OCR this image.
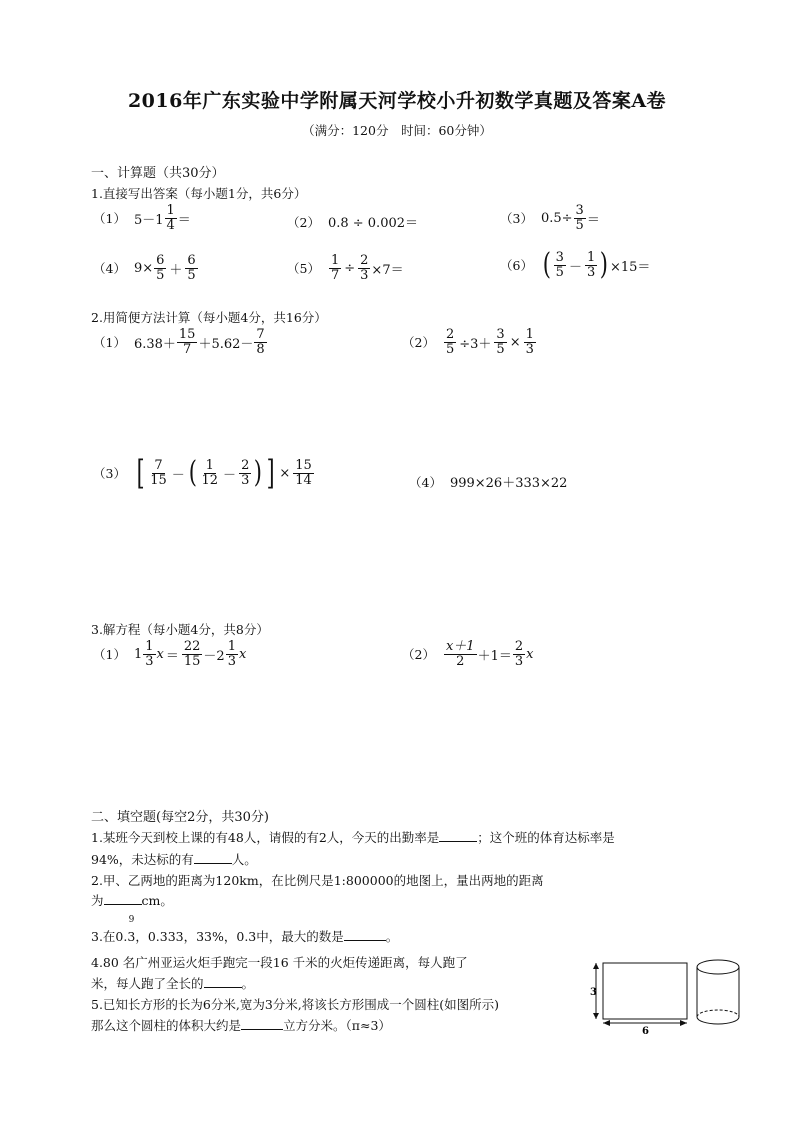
2016年广东实验中学附属天河学校小升初数学真题及答案A卷
（满分：120分　时间：60分钟）
一、计算题（共30分）
1.直接写出答案（每小题1分，共6分）
（1） $5-1 \frac{1}{4}$ ＝	（2） 0.8 ÷ 0.002＝	（3） $0.5\div \frac{3}{5}$ ＝
（4） $9\times \frac{6}{5} + \frac{6}{5}$	$(5) \frac{1}{7} \div \frac{2}{3} \times 7=$	（6） ( $\frac{3}{5} - \frac{1}{3}$ ) ×15＝
2.用简便方法计算（每小题4分，共16分）
（1） $6.38+ \frac{15}{7} +5.62- \frac{7}{8}$	$(2) \frac{2}{5} \div 3+ \frac{3}{5} \times \frac{1}{3}$
（3） [ $\frac{7}{15}$ － ( $\frac{1}{12} - \frac{2}{3}$ ) ] × $\frac{15}{14}$	（4） 999×26＋333×22
3.解方程（每小题4分，共8分）
（1） $1 \frac{1}{3}$ $x = \frac{22}{15} -2 \frac{1}{3}$ x	$(2) \frac{x+1}{2} +1= \frac{2}{3}$ x
二、填空题(每空2分，共30分)
1.某班今天到校上课的有48人，请假的有2人，今天的出勤率是	；这个班的体育达标率是
94%，未达标的有	人。
2.甲、乙两地的距离为120km，在比例尺是1:800000的地图上，量出两地的距离
为	cm。
3.在0.3
9
，0.333，33%，0.3中，最大的数是	。
4.80 名广州亚运火炬手跑完一段16 千米的火炬传递距离，每人跑了
米，每人跑了全长的	。
5.已知长方形的长为6分米,宽为3分米,将该长方形围成一个圆柱(如图所示)
那么这个圆柱的体积大约是	立方分米。（π≈3）
3
6
